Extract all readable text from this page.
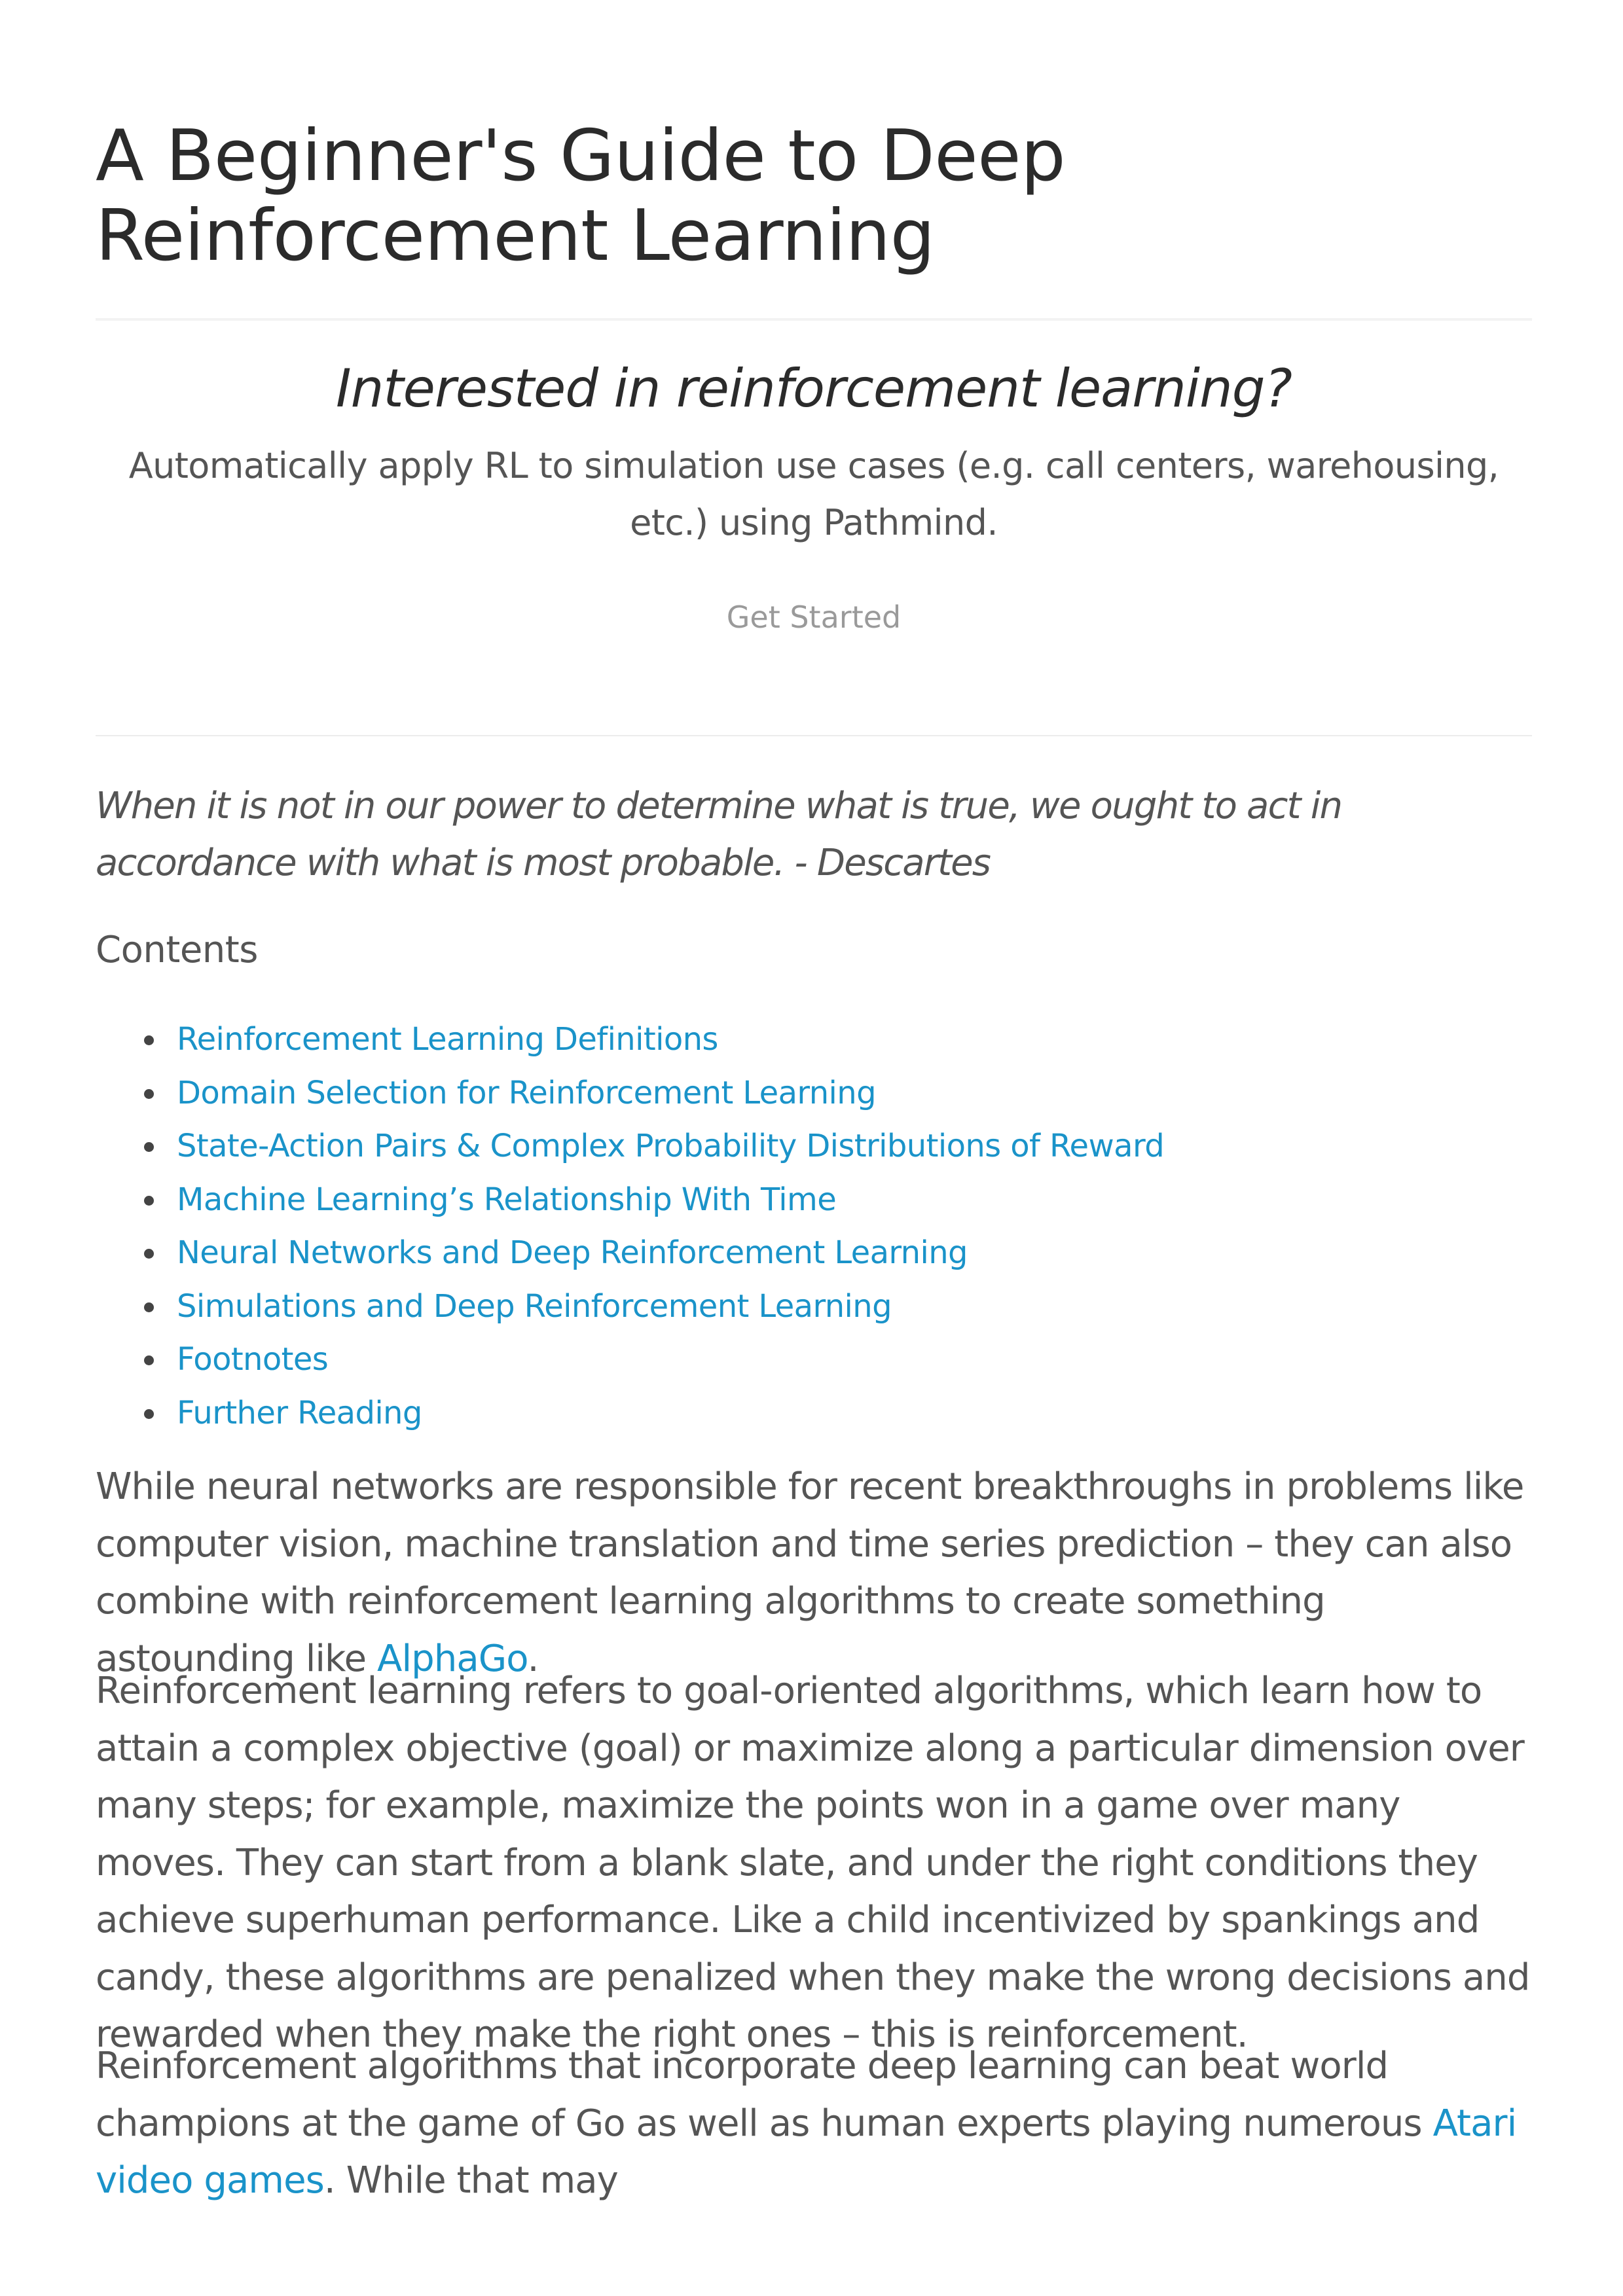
A Beginner's Guide to Deep
Reinforcement Learning
Interested in reinforcement learning?

Automatically apply RL to simulation use cases (e.g. call centers, warehousing, etc.) using Pathmind.

Get Started

When it is not in our power to determine what is true, we ought to act in accordance with what is most probable. - Descartes

Contents

Reinforcement Learning Definitions
Domain Selection for Reinforcement Learning
State-Action Pairs & Complex Probability Distributions of Reward
Machine Learning’s Relationship With Time
Neural Networks and Deep Reinforcement Learning
Simulations and Deep Reinforcement Learning
Footnotes
Further Reading

While neural networks are responsible for recent breakthroughs in problems like computer vision, machine translation and time series prediction – they can also combine with reinforcement learning algorithms to create something astounding like AlphaGo.

Reinforcement learning refers to goal-oriented algorithms, which learn how to attain a complex objective (goal) or maximize along a particular dimension over many steps; for example, maximize the points won in a game over many moves. They can start from a blank slate, and under the right conditions they achieve superhuman performance. Like a child incentivized by spankings and candy, these algorithms are penalized when they make the wrong decisions and rewarded when they make the right ones – this is reinforcement.

Reinforcement algorithms that incorporate deep learning can beat world champions at the game of Go as well as human experts playing numerous Atari video games. While that may
